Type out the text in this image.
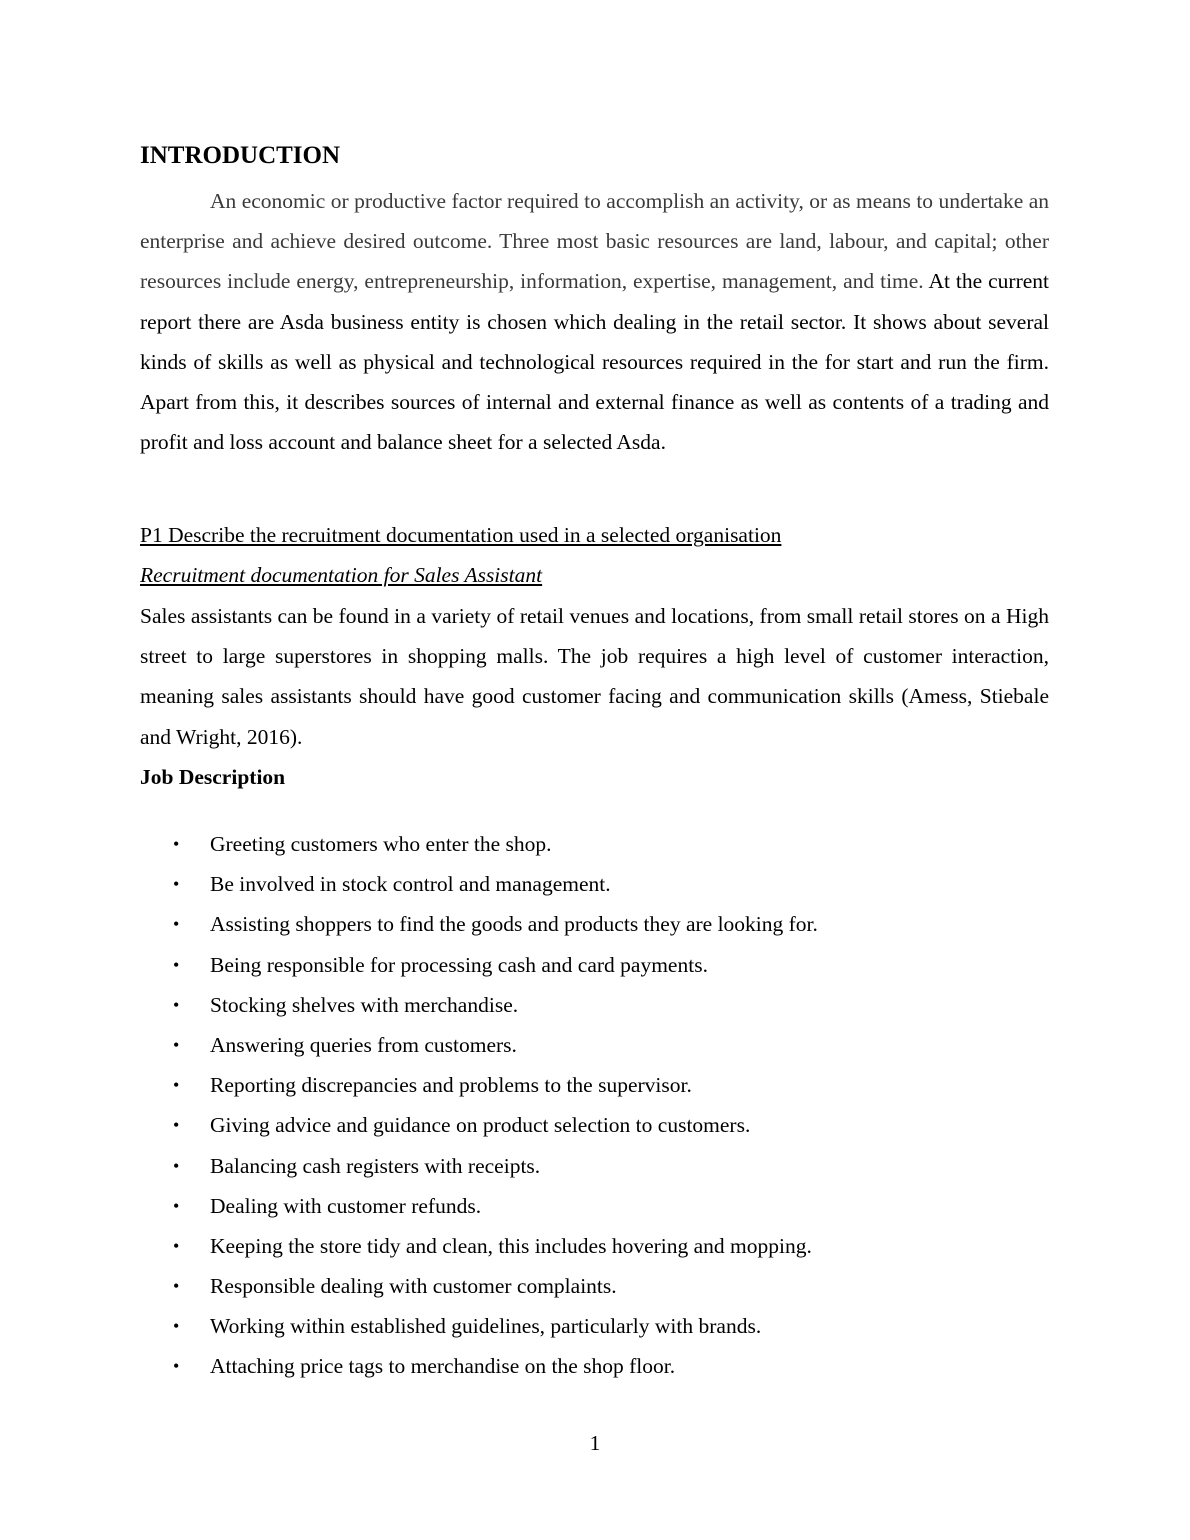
INTRODUCTION

An economic or productive factor required to accomplish an activity, or as means to undertake an enterprise and achieve desired outcome. Three most basic resources are land, labour, and capital; other resources include energy, entrepreneurship, information, expertise, management, and time. At the current report there are Asda business entity is chosen which dealing in the retail sector. It shows about several kinds of skills as well as physical and technological resources required in the for start and run the firm. Apart from this, it describes sources of internal and external finance as well as contents of a trading and profit and loss account and balance sheet for a selected Asda.

P1 Describe the recruitment documentation used in a selected organisation

Recruitment documentation for Sales Assistant

Sales assistants can be found in a variety of retail venues and locations, from small retail stores on a High street to large superstores in shopping malls. The job requires a high level of customer interaction, meaning sales assistants should have good customer facing and communication skills (Amess, Stiebale and Wright, 2016).

Job Description

• Greeting customers who enter the shop.
• Be involved in stock control and management.
• Assisting shoppers to find the goods and products they are looking for.
• Being responsible for processing cash and card payments.
• Stocking shelves with merchandise.
• Answering queries from customers.
• Reporting discrepancies and problems to the supervisor.
• Giving advice and guidance on product selection to customers.
• Balancing cash registers with receipts.
• Dealing with customer refunds.
• Keeping the store tidy and clean, this includes hovering and mopping.
• Responsible dealing with customer complaints.
• Working within established guidelines, particularly with brands.
• Attaching price tags to merchandise on the shop floor.
1
